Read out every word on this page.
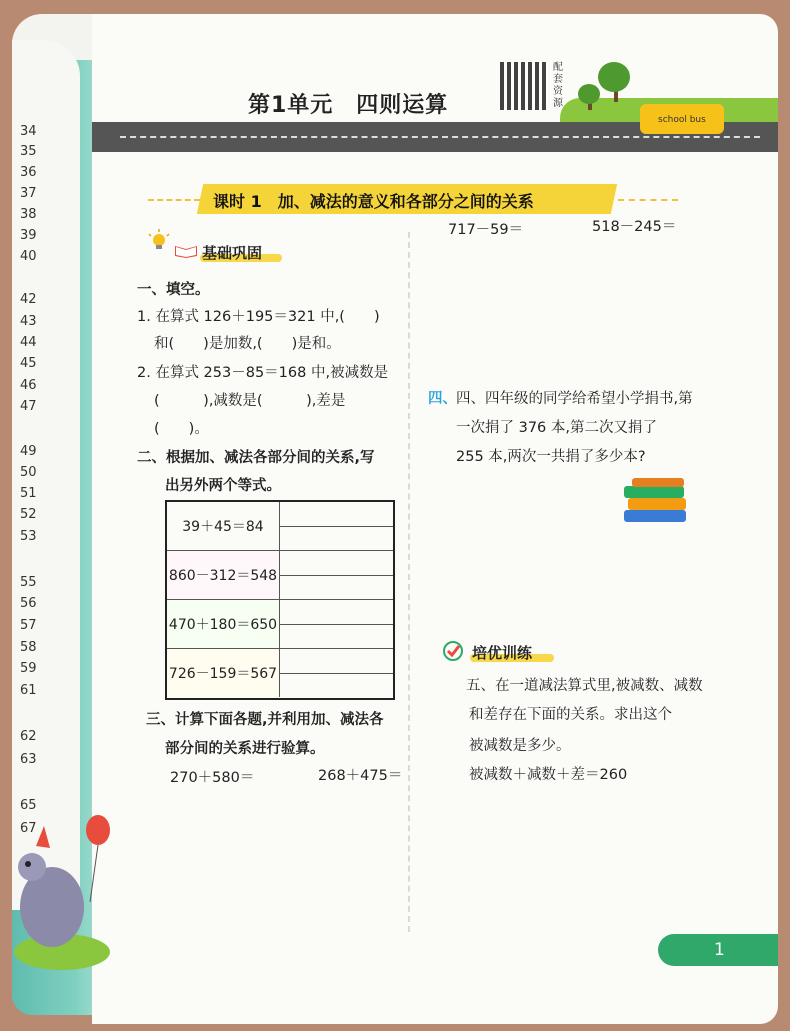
34
35
36
37
38
39
40
42
43
44
45
46
47
49
50
51
52
53
55
56
57
58
59
61
62
63
65
67
school bus
第1单元　四则运算
配套资源
课时 1　加、减法的意义和各部分之间的关系
基础巩固
一、填空。
1. 在算式 126＋195＝321 中,(　　)
和(　　)是加数,(　　)是和。
2. 在算式 253－85＝168 中,被减数是
(　　　),减数是(　　　),差是
(　　)。
二、根据加、减法各部分间的关系,写
出另外两个等式。
39＋45＝84
860－312＝548
470＋180＝650
726－159＝567
三、计算下面各题,并利用加、减法各
部分间的关系进行验算。
270＋580＝	268＋475＝
717－59＝	518－245＝
四、 四、四年级的同学给希望小学捐书,第
一次捐了 376 本,第二次又捐了
255 本,两次一共捐了多少本?
培优训练
五、在一道减法算式里,被减数、减数
和差存在下面的关系。求出这个
被减数是多少。
被减数＋减数＋差＝260
1
